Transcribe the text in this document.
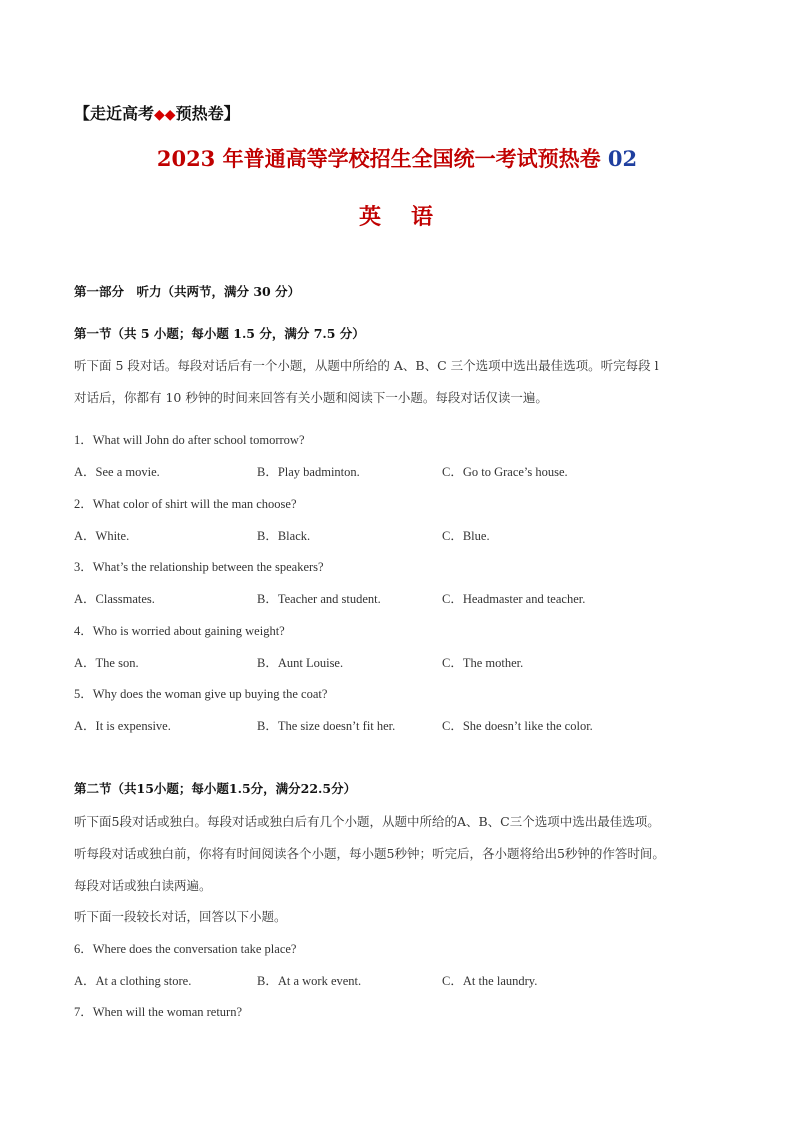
【走近高考◆◆预热卷】
2023 年普通高等学校招生全国统一考试预热卷 02
英 语
第一部分　听力（共两节，满分 30 分）
第一节（共 5 小题；每小题 1.5 分，满分 7.5 分）
听下面 5 段对话。每段对话后有一个小题，从题中所给的 A、B、C 三个选项中选出最佳选项。听完每段 l
对话后，你都有 10 秒钟的时间来回答有关小题和阅读下一小题。每段对话仅读一遍。
1．What will John do after school tomorrow?
A．See a movie.	B．Play badminton.	C．Go to Grace’s house.
2．What color of shirt will the man choose?
A．White.	B．Black.	C．Blue.
3．What’s the relationship between the speakers?
A．Classmates.	B．Teacher and student.	C．Headmaster and teacher.
4．Who is worried about gaining weight?
A．The son.	B．Aunt Louise.	C．The mother.
5．Why does the woman give up buying the coat?
A．It is expensive.	B．The size doesn’t fit her.	C．She doesn’t like the color.
第二节（共15小题；每小题1.5分，满分22.5分）
听下面5段对话或独白。每段对话或独白后有几个小题，从题中所给的A、B、C三个选项中选出最佳选项。
听每段对话或独白前，你将有时间阅读各个小题，每小题5秒钟；听完后，各小题将给出5秒钟的作答时间。
每段对话或独白读两遍。
听下面一段较长对话，回答以下小题。
6．Where does the conversation take place?
A．At a clothing store.	B．At a work event.	C．At the laundry.
7．When will the woman return?
